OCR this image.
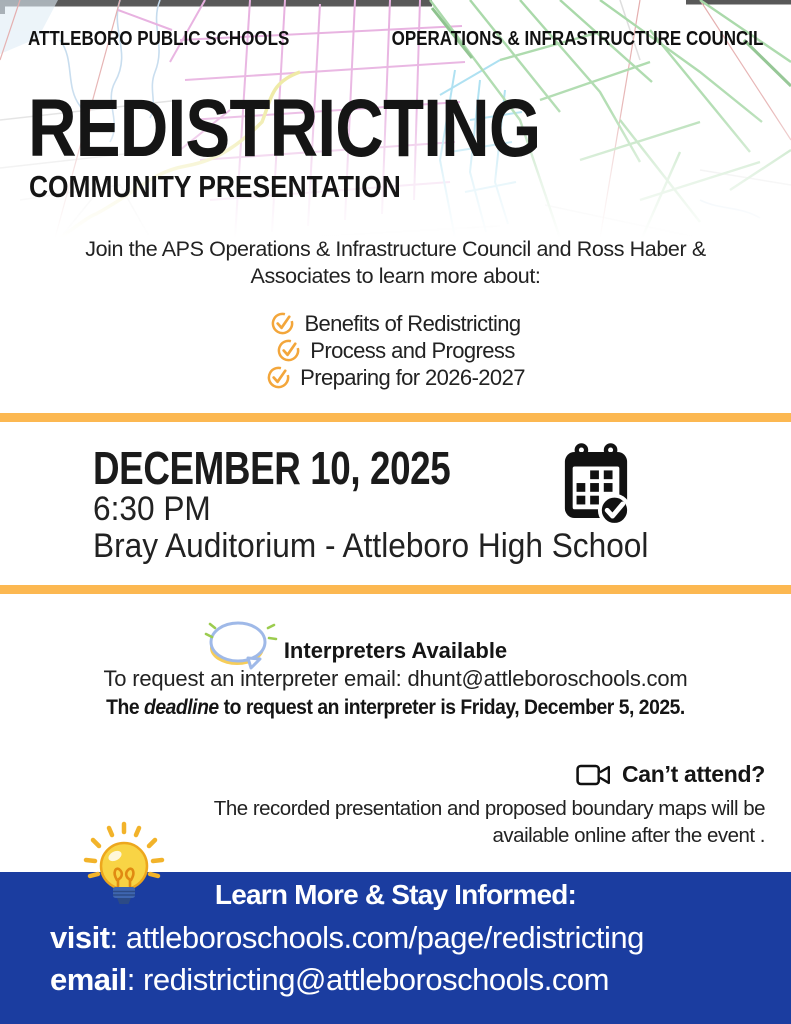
ATTLEBORO PUBLIC SCHOOLS	OPERATIONS & INFRASTRUCTURE COUNCIL
REDISTRICTING
COMMUNITY PRESENTATION
Join the APS Operations & Infrastructure Council and Ross Haber &
Associates to learn more about:
Benefits of Redistricting
Process and Progress
Preparing for 2026-2027
DECEMBER 10, 2025
6:30 PM
Bray Auditorium - Attleboro High School
Interpreters Available
To request an interpreter email: dhunt@attleboroschools.com
The deadline to request an interpreter is Friday, December 5, 2025.
Can’t attend?
The recorded presentation and proposed boundary maps will be
available online after the event .
Learn More & Stay Informed:
visit: attleboroschools.com/page/redistricting
email: redistricting@attleboroschools.com
